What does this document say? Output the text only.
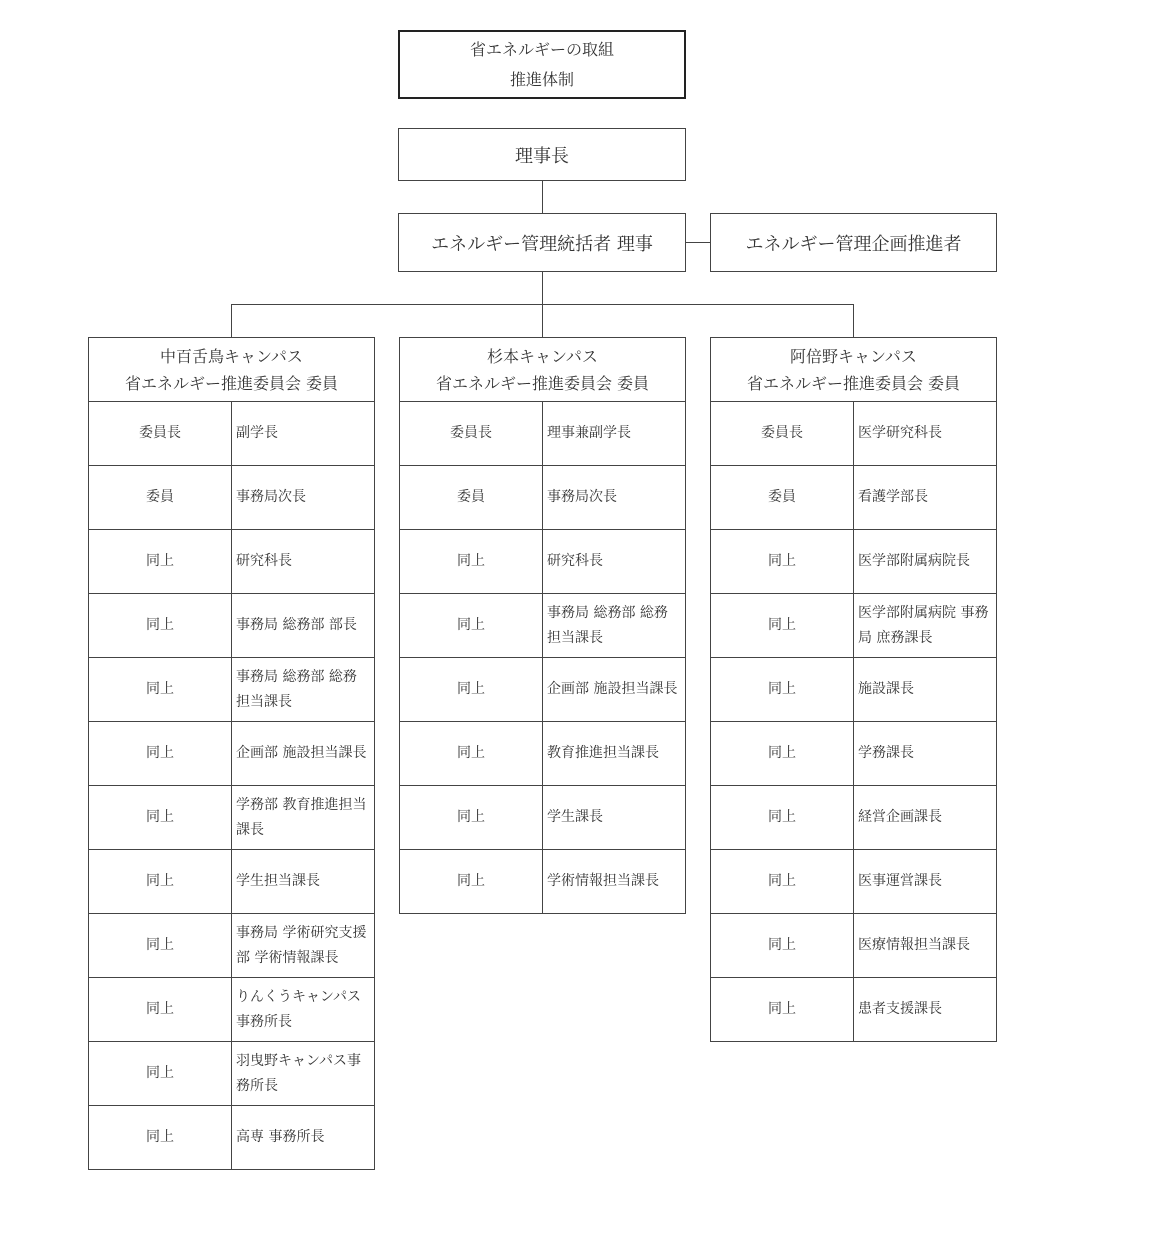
省エネルギーの取組
推進体制
理事長
エネルギー管理統括者 理事	エネルギー管理企画推進者
中百舌鳥キャンパス
省エネルギー推進委員会 委員
委員長	副学長
委員	事務局次長
同上	研究科長
同上	事務局 総務部 部長
同上	事務局 総務部 総務担当課長
同上	企画部 施設担当課長
同上	学務部 教育推進担当課長
同上	学生担当課長
同上	事務局 学術研究支援部 学術情報課長
同上	りんくうキャンパス事務所長
同上	羽曳野キャンパス事務所長
同上	高専 事務所長
杉本キャンパス
省エネルギー推進委員会 委員
委員長	理事兼副学長
委員	事務局次長
同上	研究科長
同上	事務局 総務部 総務担当課長
同上	企画部 施設担当課長
同上	教育推進担当課長
同上	学生課長
同上	学術情報担当課長
阿倍野キャンパス
省エネルギー推進委員会 委員
委員長	医学研究科長
委員	看護学部長
同上	医学部附属病院長
同上	医学部附属病院 事務局 庶務課長
同上	施設課長
同上	学務課長
同上	経営企画課長
同上	医事運営課長
同上	医療情報担当課長
同上	患者支援課長
